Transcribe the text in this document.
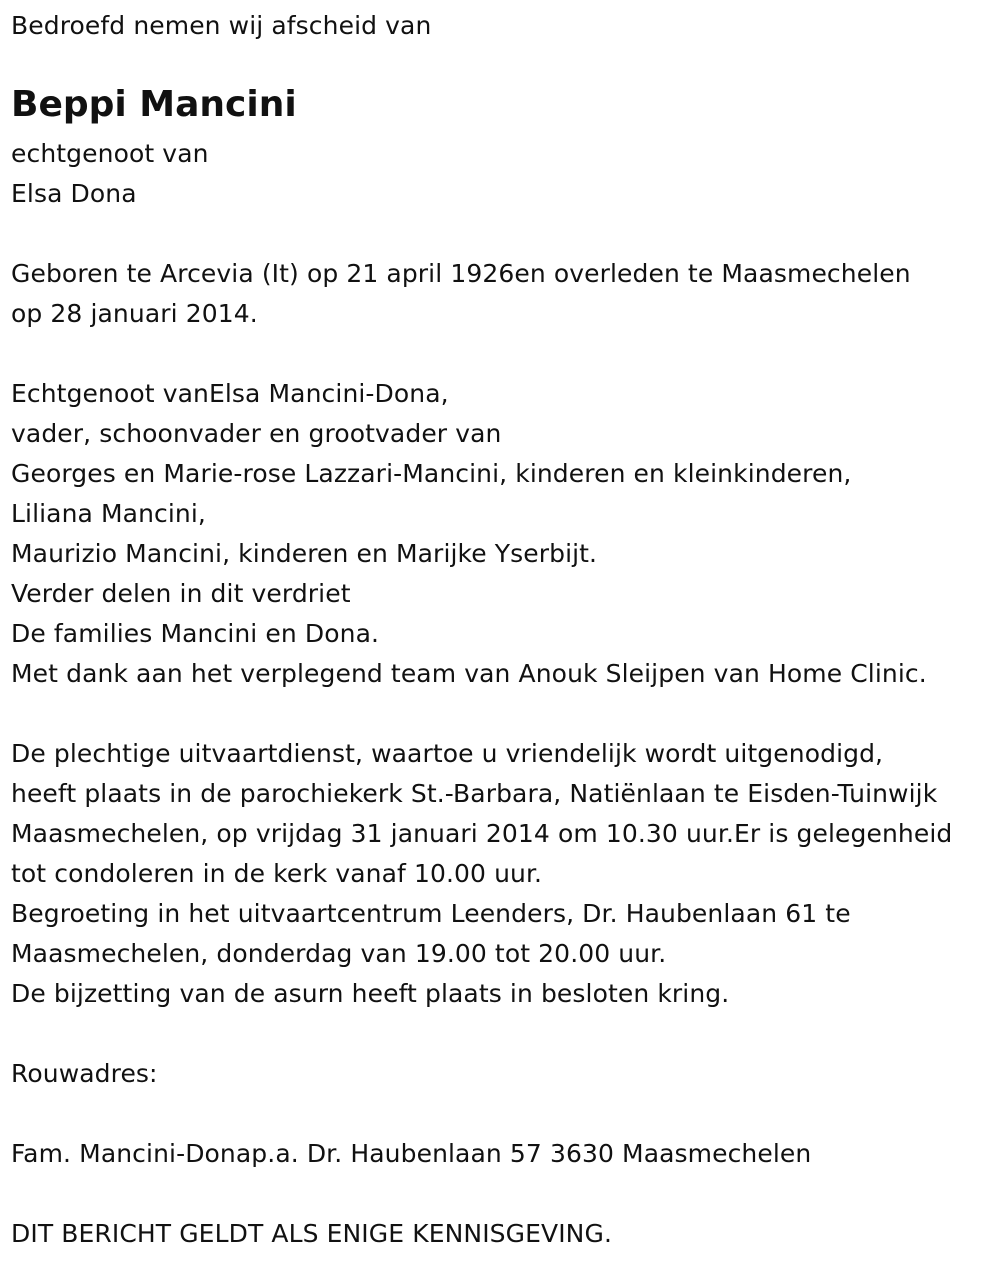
Bedroefd nemen wij afscheid van
Beppi Mancini
echtgenoot van
Elsa Dona
Geboren te Arcevia (It) op 21 april 1926en overleden te Maasmechelen
op 28 januari 2014.
Echtgenoot vanElsa Mancini-Dona,
vader, schoonvader en grootvader van
Georges en Marie-rose Lazzari-Mancini, kinderen en kleinkinderen,
Liliana Mancini,
Maurizio Mancini, kinderen en Marijke Yserbijt.
Verder delen in dit verdriet
De families Mancini en Dona.
Met dank aan het verplegend team van Anouk Sleijpen van Home Clinic.
De plechtige uitvaartdienst, waartoe u vriendelijk wordt uitgenodigd,
heeft plaats in de parochiekerk St.-Barbara, Natiënlaan te Eisden-Tuinwijk
Maasmechelen, op vrijdag 31 januari 2014 om 10.30 uur.Er is gelegenheid
tot condoleren in de kerk vanaf 10.00 uur.
Begroeting in het uitvaartcentrum Leenders, Dr. Haubenlaan 61 te
Maasmechelen, donderdag van 19.00 tot 20.00 uur.
De bijzetting van de asurn heeft plaats in besloten kring.
Rouwadres:
Fam. Mancini-Donap.a. Dr. Haubenlaan 57 3630 Maasmechelen
DIT BERICHT GELDT ALS ENIGE KENNISGEVING.
